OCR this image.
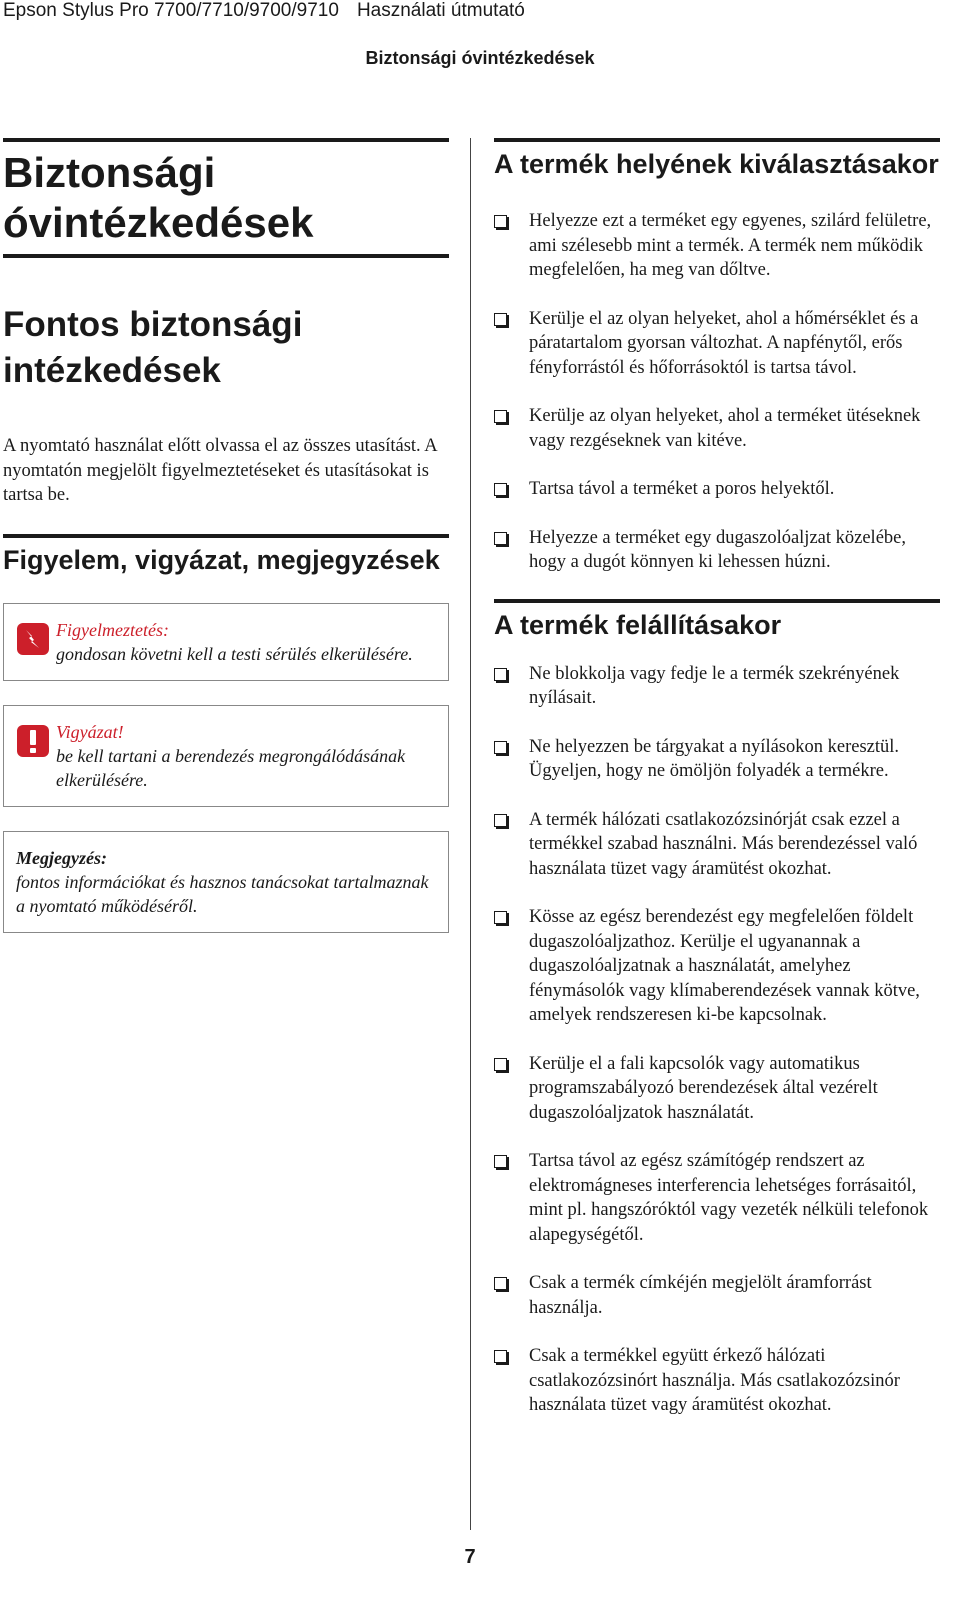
Epson Stylus Pro 7700/7710/9700/9710 Használati útmutató
Biztonsági óvintézkedések
Biztonsági óvintézkedések
Fontos biztonsági intézkedések

A nyomtató használat előtt olvassa el az összes utasítást. A nyomtatón megjelölt figyelmeztetéseket és utasításokat is tartsa be.

Figyelem, vigyázat, megjegyzések
Figyelmeztetés:
gondosan követni kell a testi sérülés elkerülésére.
Vigyázat!
be kell tartani a berendezés megrongálódásának elkerülésére.
Megjegyzés:
fontos információkat és hasznos tanácsokat tartalmaznak a nyomtató működéséről.
A termék helyének kiválasztásakor
Helyezze ezt a terméket egy egyenes, szilárd felületre, ami szélesebb mint a termék. A termék nem működik megfelelően, ha meg van dőltve.
Kerülje el az olyan helyeket, ahol a hőmérséklet és a páratartalom gyorsan változhat. A napfénytől, erős fényforrástól és hőforrásoktól is tartsa távol.
Kerülje az olyan helyeket, ahol a terméket ütéseknek vagy rezgéseknek van kitéve.
Tartsa távol a terméket a poros helyektől.
Helyezze a terméket egy dugaszolóaljzat közelébe, hogy a dugót könnyen ki lehessen húzni.
A termék felállításakor
Ne blokkolja vagy fedje le a termék szekrényének nyílásait.
Ne helyezzen be tárgyakat a nyílásokon keresztül. Ügyeljen, hogy ne ömöljön folyadék a termékre.
A termék hálózati csatlakozózsinórját csak ezzel a termékkel szabad használni. Más berendezéssel való használata tüzet vagy áramütést okozhat.
Kösse az egész berendezést egy megfelelően földelt dugaszolóaljzathoz. Kerülje el ugyanannak a dugaszolóaljzatnak a használatát, amelyhez fénymásolók vagy klímaberendezések vannak kötve, amelyek rendszeresen ki-be kapcsolnak.
Kerülje el a fali kapcsolók vagy automatikus programszabályozó berendezések által vezérelt dugaszolóaljzatok használatát.
Tartsa távol az egész számítógép rendszert az elektromágneses interferencia lehetséges forrásaitól, mint pl. hangszóróktól vagy vezeték nélküli telefonok alapegységétől.
Csak a termék címkéjén megjelölt áramforrást használja.
Csak a termékkel együtt érkező hálózati csatlakozózsinórt használja. Más csatlakozózsinór használata tüzet vagy áramütést okozhat.
7
